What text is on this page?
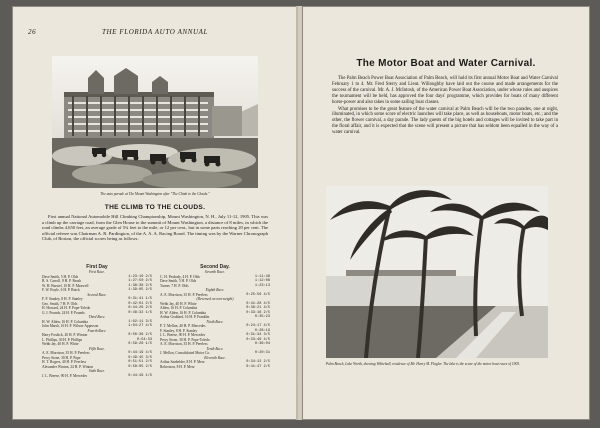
26	THE FLORIDA AUTO ANNUAL
The auto parade at The Mount Washington after "The Climb to the Clouds."
THE CLIMB TO THE CLOUDS.

First annual National Automobile Hill Climbing Championship, Mount Washington, N. H., July 11-12, 1905. This was a climb up the carriage road, from the Glen House to the summit of Mount Washington, a distance of 8 miles, in which the road climbs 4,650 feet, an average grade of 5¾ feet to the mile, or 12 per cent., but in some parts reaching 20 per cent. The official referee was Chairman A. R. Pardington, of the A. A. A. Racing Board. The timing was by the Warner Chronograph Club, of Boston, the official scores being as follows:

First Day
First Race.
Dave Smith, 5 H. P. Olds	1:23:10 2/5
B. S. Carroll, 8 H. P. Brush	1:27:50 2/5
W. H. Bursiel, 10 H. P. Maxwell	1:38:38 2/5
F. W. Boyle, 6 H. P. Buick	1:39:05 2/5
Second Race.
F. F. Stanley, 8 H. P. Stanley	0:31:41 1/5
Geo. Smith, 7 H. P. Olds	0:42:01 2/5
H. Howard, 24 H. P. Pope-Toledo	0:44:26 2/5
G. I. Pounds, 24 H. P. Pounds	0:48:32 1/5
Third Race.
H. W. Alden, 16 H. P. Columbia	1:02:11 3/5
John Marsh, 16 H. P. Wilson-Apperson	1:04:27 4/5
Fourth Race.
Harry Fosdick, 20 H. P. Winton	0:50:36 2/5
L. Phillips, 30 H. P. Phillips	0:54:33
Webb Jay, 40 H. P. White	0:59:26 1/5
Fifth Race.
A. E. Morrison, 35 H. P. Peerless	0:44:19 4/5
Percy Stone, 30 H. P. Pope	0:49:45 3/5
H. T. Rogers, 40 H. P. Peerless	0:51:51 2/5
Alexander Winton, 24 H. P. Winton	0:58:05 2/5
Sixth Race.
J. L. Breese, 90 H. P. Mercedes	0:44:49 1/5
Second Day.
Seventh Race.
C. H. Peabody, 4 H. P. Olds	1:11:46
Dave Smith, 5 H. P. Olds	1:12:06
Turner, 7 H. P. Olds	1:23:13
Eighth Race.
A. E. Morrison, 35 H. P. Peerless	0:25:56 4/5
(Reversed on overweight)
Webb Jay, 40 H. P. White	0:41:28 4/5
Alden, 16 H. P. Columbia	0:36:21 4/5
H. W. Alden, 16 H. P. Columbia	0:33:16 2/5
Arthur Goddard, 16 H. P. Franklin	0:35:23
Ninth Race.
P. T. Mellon, 40 H. P. Mercedes	0:24:17 4/5
F. Stanley, 8 H. P. Stanley	0:28:19
J. L. Breese, 90 H. P. Mercedes	0:31:34 3/5
Percy Stone, 30 H. P. Pope-Toledo	0:33:49 4/5
A. E. Morrison, 35 H. P. Peerless	0:36:04
Tenth Race.
J. Mellon, Consolidated Motor Co.	0:20:31
Eleventh Race.
Arthur Sanbelder, 8 H. P. Merz	0:34:12 2/5
Robertson, 8 H. P. Merz	0:41:47 2/5
The Motor Boat and Water Carnival.

The Palm Beach Power Boat Association of Palm Beach, will hold its first annual Motor Boat and Water Carnival February 1 to 4. Mr. Fred Sterry and Lieut. Willoughby have laid out the course and made arrangements for the success of the carnival. Mr. A. J. McIntosh, of the American Power Boat Association, under whose rules and auspices the tournament will be held, has approved the four days' programme, which provides for boats of many different horse-power and also takes in some sailing boat classes.

What promises to be the great feature of the water carnival at Palm Beach will be the two parades, one at night, illuminated, in which some score of electric launches will take place, as well as houseboats, motor boats, etc.; and the other, the flower carnival, a day parade. The lady guests of the big hotels and cottages will be invited to take part in the floral affair, and it is expected that the scene will present a picture that has seldom been equalled in the way of a water carnival.

Palm Beach, Lake Worth, showing Whitehall, residence of Mr. Henry M. Flagler. The lake is the scene of the motor boat races of 1905.
